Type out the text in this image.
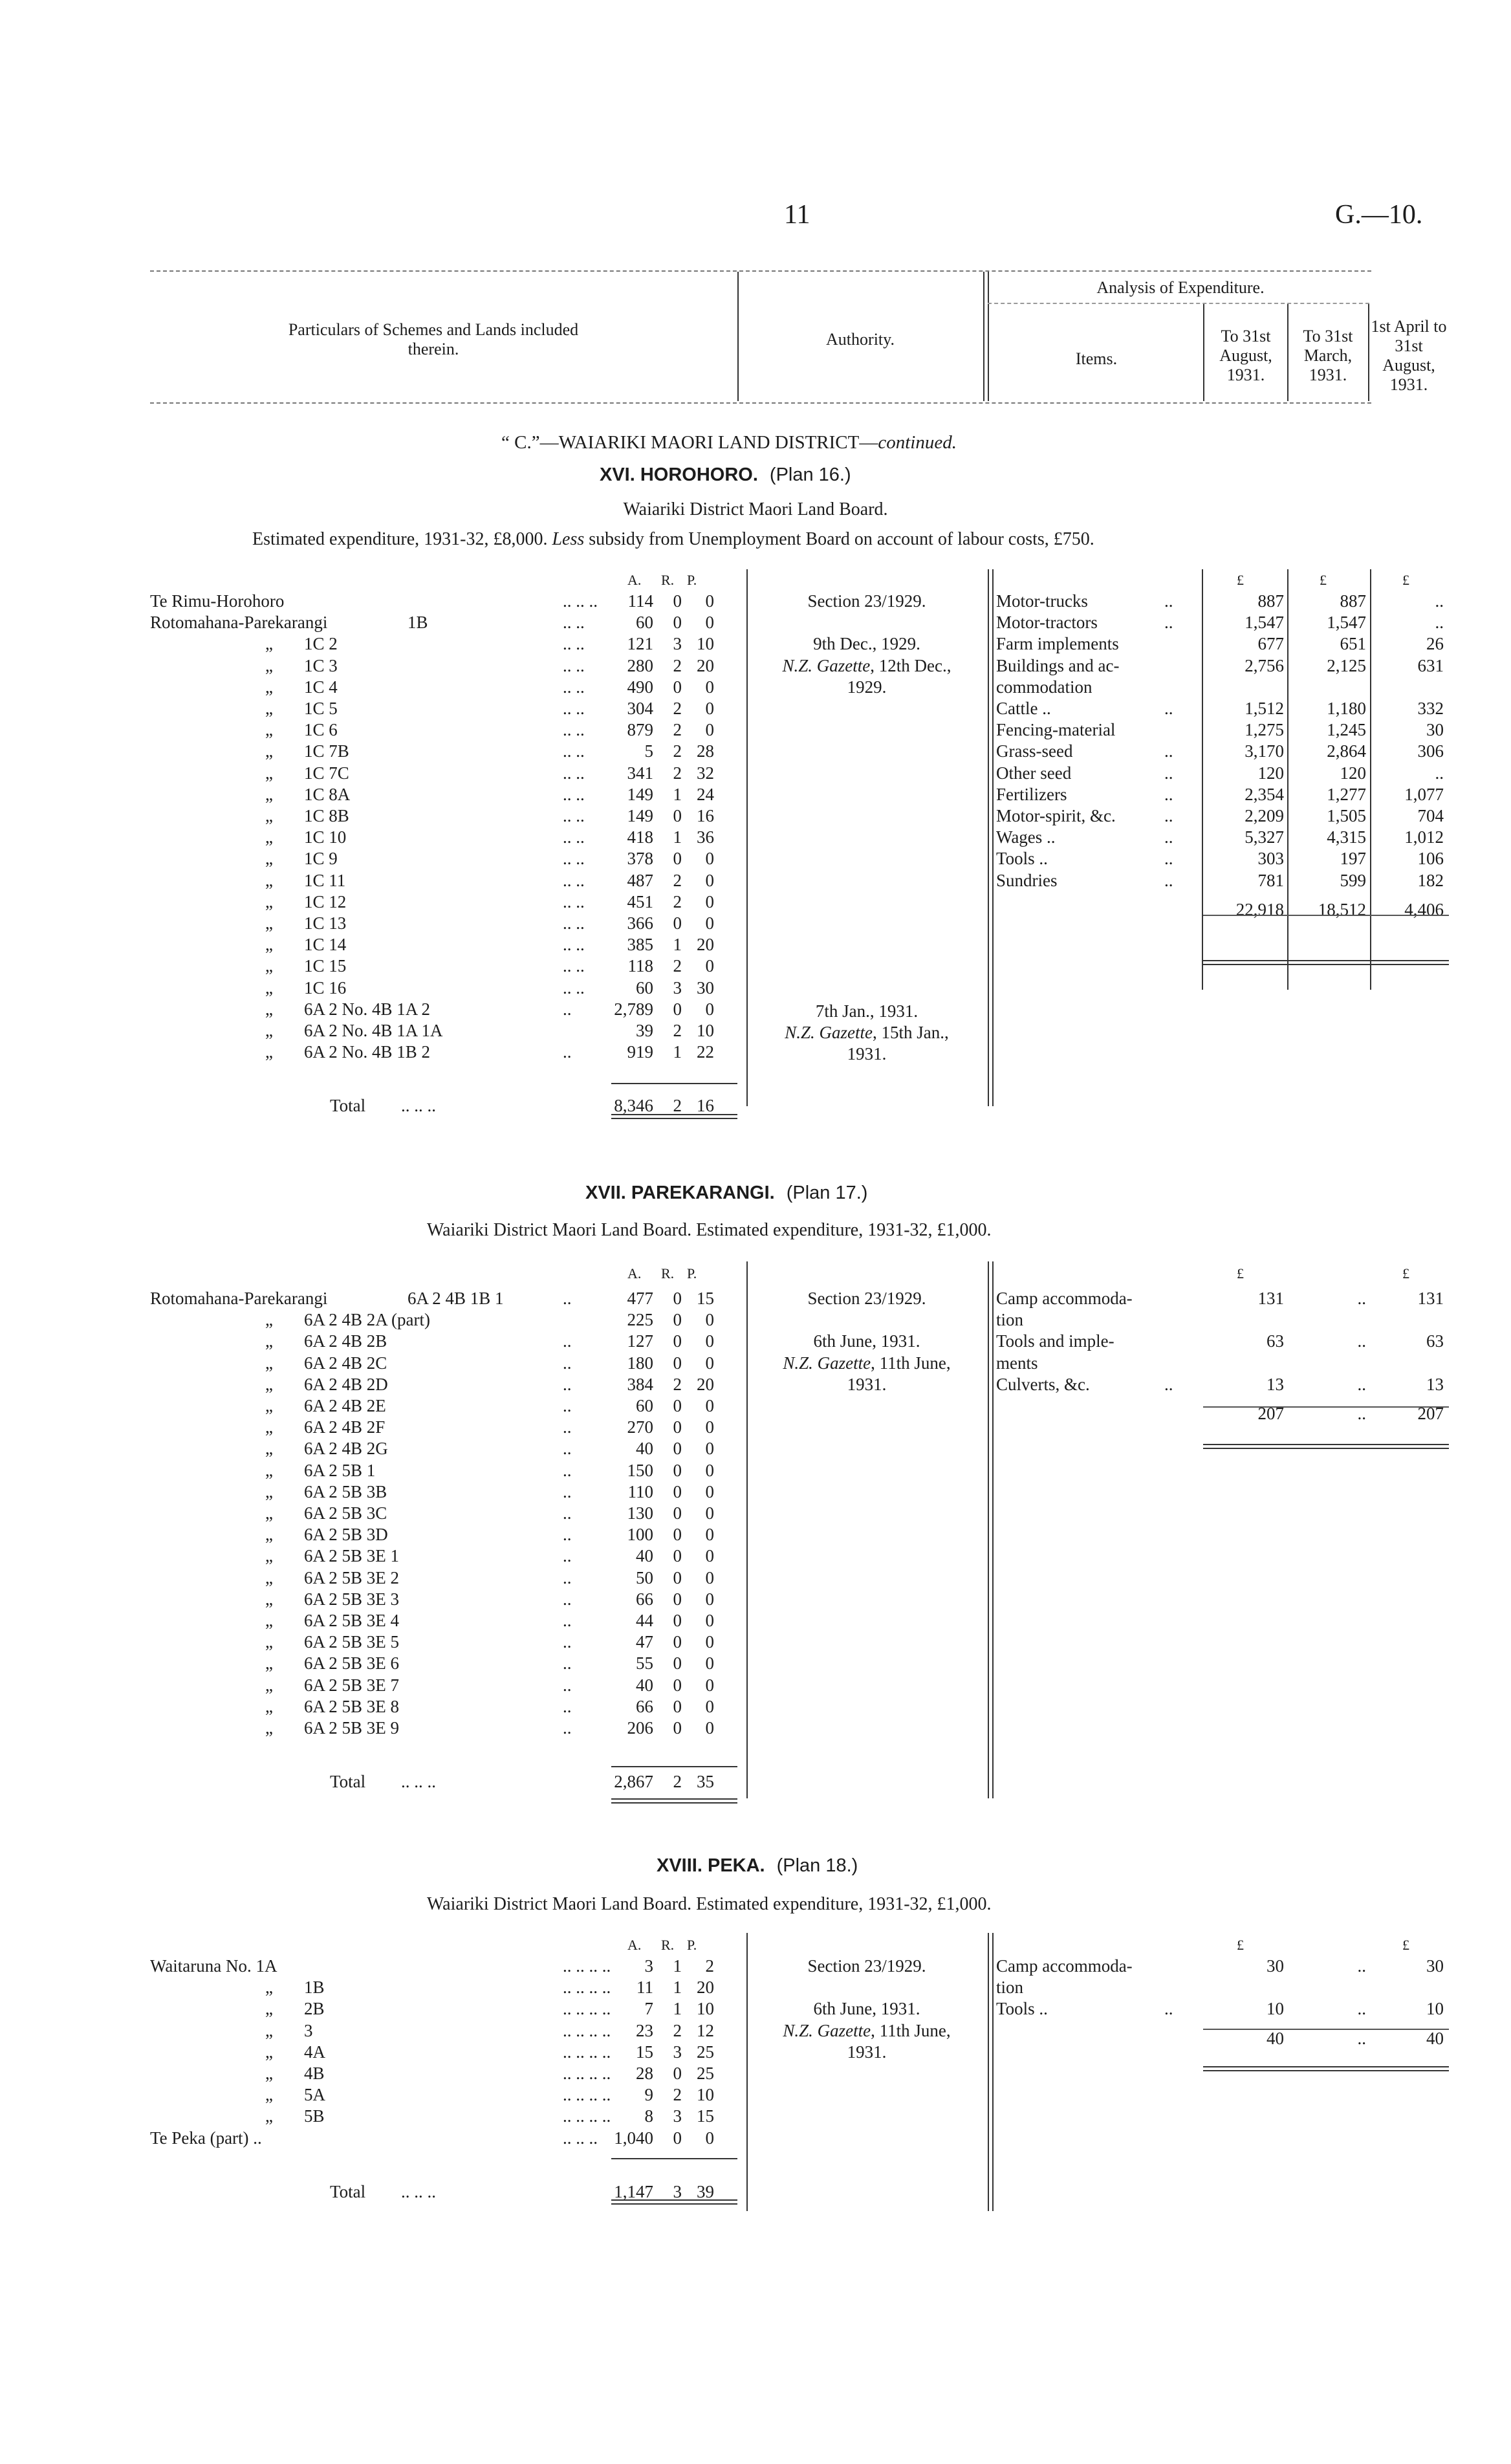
11	G.—10.
Particulars of Schemes and Lands included therein.
Authority.
Analysis of Expenditure.
Items.
To 31st August, 1931.
To 31st March, 1931.
1st April to 31st August, 1931.
“ C.”—WAIARIKI MAORI LAND DISTRICT—continued.
XVI. HOROHORO. (Plan 16.)
Waiariki District Maori Land Board.
Estimated expenditure, 1931-32, £8,000. Less subsidy from Unemployment Board on account of labour costs, £750.
A. R. P.	£	£	£
Te Rimu-Horohoro	.. .. .. 114 0 0
Rotomahana-Parekarangi	1B	.. ..	60 0 0
„ 1C 2	.. .. 121 3 10
„ 1C 3	.. .. 280 2 20
„ 1C 4	.. .. 490 0 0
„ 1C 5	.. .. 304 2 0
„ 1C 6	.. .. 879 2 0
„ 1C 7B	.. ..	5 2 28
„ 1C 7C	.. .. 341 2 32
„ 1C 8A	.. .. 149 1 24
„ 1C 8B	.. .. 149 0 16
„ 1C 10	.. .. 418 1 36
„ 1C 9	.. .. 378 0 0
„ 1C 11	.. .. 487 2 0
„ 1C 12	.. .. 451 2 0
„ 1C 13	.. .. 366 0 0
„ 1C 14	.. .. 385 1 20
„ 1C 15	.. .. 118 2 0
„ 1C 16	.. ..	60 3 30
„ 6A 2 No. 4B 1A 2	.. 2,789 0 0
„ 6A 2 No. 4B 1A 1A	39 2 10
„ 6A 2 No. 4B 1B 2	..	919 1 22
Total .. .. ..	8,346 2 16
Section 23/1929.
9th Dec., 1929.
N.Z. Gazette, 12th Dec.,
1929.
7th Jan., 1931.
N.Z. Gazette, 15th Jan.,
1931.
Motor-trucks	..	887	887	..
Motor-tractors	..	1,547 1,547	..
Farm implements	677	651	26
Buildings and ac-	2,756 2,125	631
commodation
Cattle ..	..	1,512 1,180	332
Fencing-material	1,275 1,245	30
Grass-seed	..	3,170 2,864	306
Other seed	..	120	120	..
Fertilizers	..	2,354 1,277 1,077
Motor-spirit, &c.	..	2,209 1,505	704
Wages ..	..	5,327 4,315 1,012
Tools ..	..	303	197	106
Sundries	..	781	599	182
22,918 18,512 4,406
XVII. PAREKARANGI. (Plan 17.)
Waiariki District Maori Land Board. Estimated expenditure, 1931-32, £1,000.
A. R. P.	£	£
Rotomahana-Parekarangi	6A 2 4B 1B 1	..	477 0 15
„ 6A 2 4B 2A (part)	225 0 0
„ 6A 2 4B 2B	..	127 0 0
„ 6A 2 4B 2C	..	180 0 0
„ 6A 2 4B 2D	..	384 2 20
„ 6A 2 4B 2E	..	60 0 0
„ 6A 2 4B 2F	..	270 0 0
„ 6A 2 4B 2G	..	40 0 0
„ 6A 2 5B 1	..	150 0 0
„ 6A 2 5B 3B	..	110 0 0
„ 6A 2 5B 3C	..	130 0 0
„ 6A 2 5B 3D	..	100 0 0
„ 6A 2 5B 3E 1	..	40 0 0
„ 6A 2 5B 3E 2	..	50 0 0
„ 6A 2 5B 3E 3	..	66 0 0
„ 6A 2 5B 3E 4	..	44 0 0
„ 6A 2 5B 3E 5	..	47 0 0
„ 6A 2 5B 3E 6	..	55 0 0
„ 6A 2 5B 3E 7	..	40 0 0
„ 6A 2 5B 3E 8	..	66 0 0
„ 6A 2 5B 3E 9	..	206 0 0
Total .. .. ..	2,867 2 35
Section 23/1929.
6th June, 1931.
N.Z. Gazette, 11th June,
1931.
Camp accommoda-	131	..	131
tion
Tools and imple-	63	..	63
ments
Culverts, &c.	..	13	..	13
207	..	207
XVIII. PEKA. (Plan 18.)
Waiariki District Maori Land Board. Estimated expenditure, 1931-32, £1,000.
A. R. P.	£	£
Waitaruna No. 1A	.. .. .. .. 3 1 2
„ 1B	.. .. .. .. 11 1 20
„ 2B	.. .. .. .. 7 1 10
„ 3	.. .. .. .. 23 2 12
„ 4A	.. .. .. .. 15 3 25
„ 4B	.. .. .. .. 28 0 25
„ 5A	.. .. .. .. 9 2 10
„ 5B	.. .. .. .. 8 3 15
Te Peka (part) ..	.. .. .. 1,040 0 0
Total .. .. ..	1,147 3 39
Section 23/1929.
6th June, 1931.
N.Z. Gazette, 11th June,
1931.
Camp accommoda-	30	..	30
tion
Tools ..	..	10	..	10
40	..	40
